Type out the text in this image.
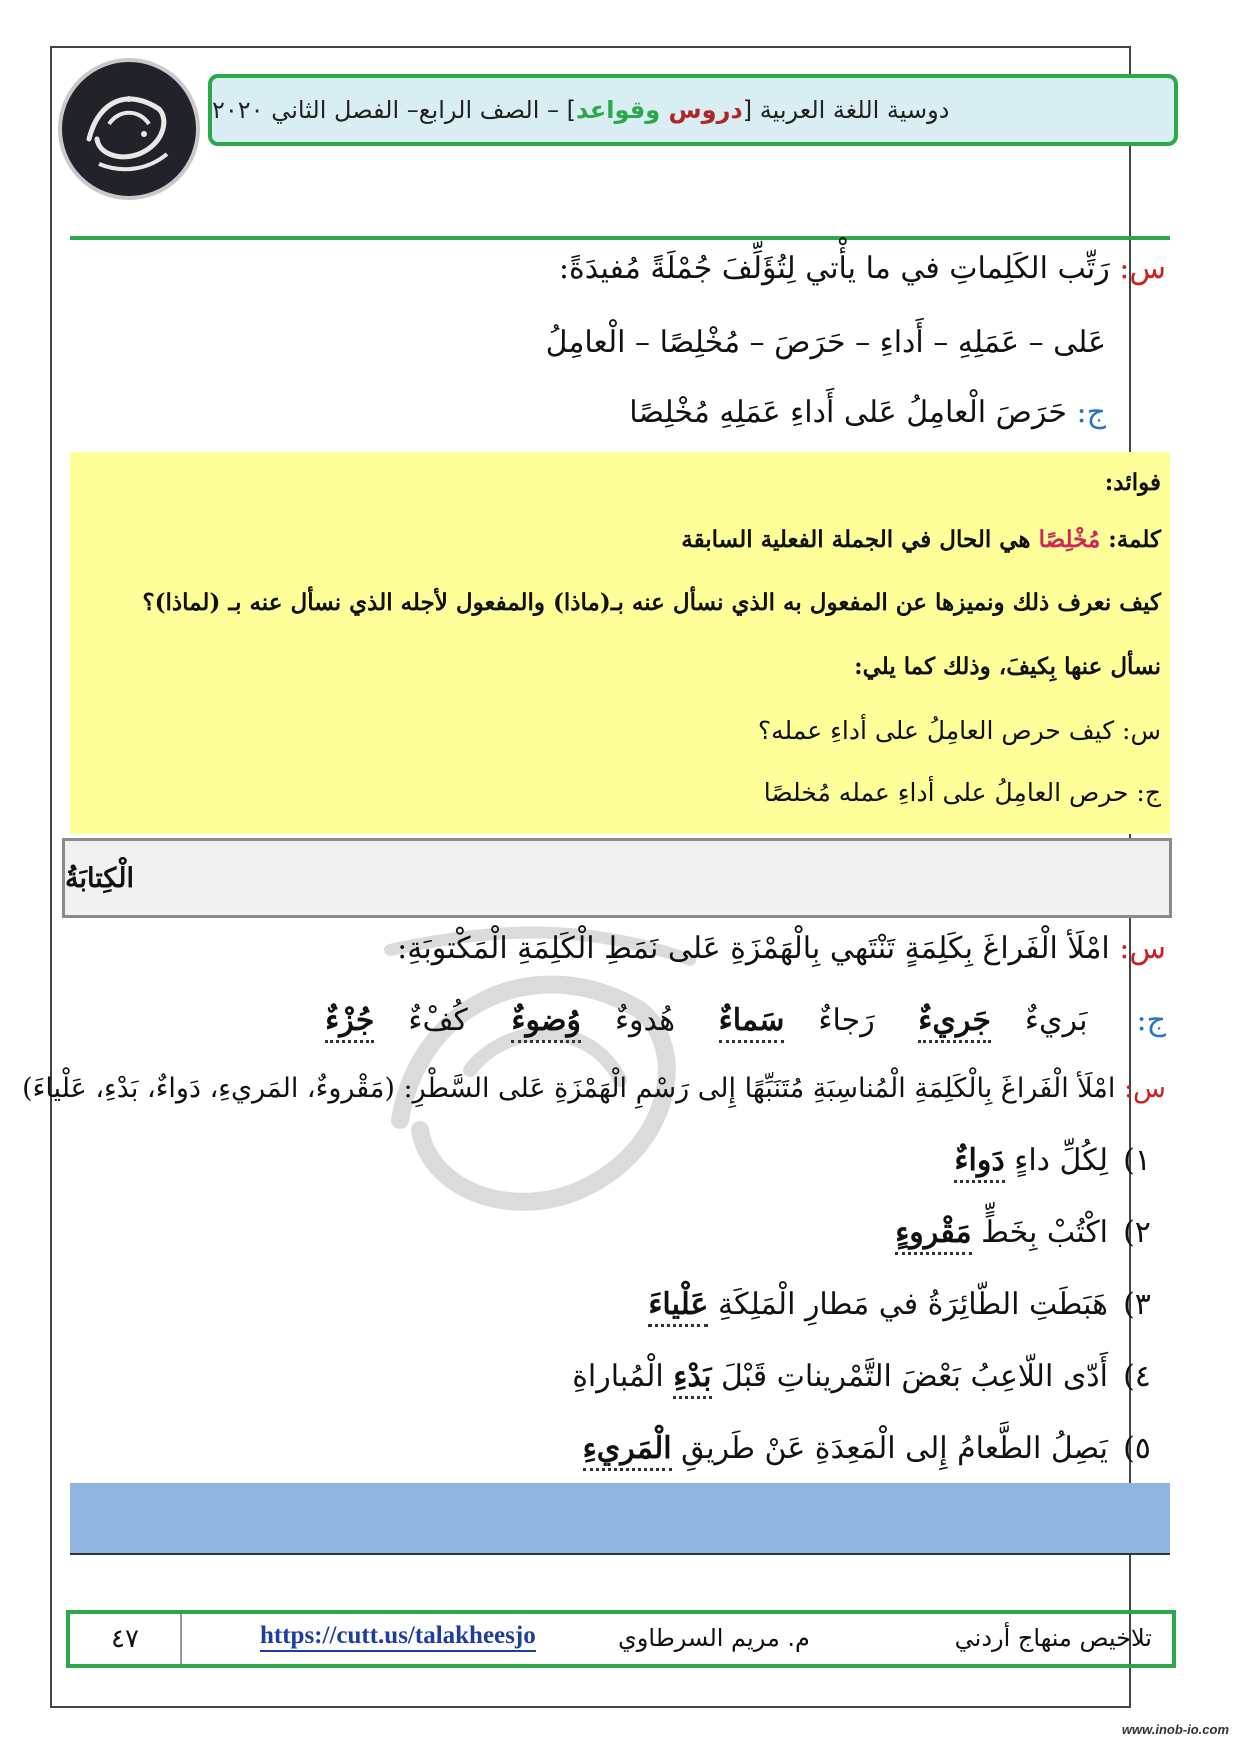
دوسية اللغة العربية [دروس وقواعد] – الصف الرابع– الفصل الثاني ٢٠٢٠
س: رَتِّب الكَلِماتِ في ما يأْتي لِتُؤَلِّفَ جُمْلَةً مُفيدَةً:
عَلى – عَمَلِهِ – أَداءِ – حَرَصَ – مُخْلِصًا – الْعامِلُ
ج: حَرَصَ الْعامِلُ عَلى أَداءِ عَمَلِهِ مُخْلِصًا
فوائد:
كلمة: مُخْلِصًا هي الحال في الجملة الفعلية السابقة
كيف نعرف ذلك ونميزها عن المفعول به الذي نسأل عنه بـ(ماذا) والمفعول لأجله الذي نسأل عنه بـ (لماذا)؟
نسأل عنها بِكيفَ، وذلك كما يلي:
س: كيف حرص العامِلُ على أداءِ عمله؟
ج: حرص العامِلُ على أداءِ عمله مُخلصًا
الْكِتابَةُ
س: امْلَأ الْفَراغَ بِكَلِمَةٍ تَنْتَهي بِالْهَمْزَةِ عَلى نَمَطِ الْكَلِمَةِ الْمَكْتوبَةِ:
ج:  بَريءٌجَريءٌ رَجاءٌسَماءٌ هُدوءٌوُضوءٌ كُفْءٌجُزْءٌ
س: امْلَأ الْفَراغَ بِالْكَلِمَةِ الْمُناسِبَةِ مُتَنَبِّهًا إِلى رَسْمِ الْهَمْزَةِ عَلى السَّطْرِ: (مَقْروءٌ، المَريءِ، دَواءٌ، بَدْءِ، عَلْياءَ)
١)لِكُلِّ داءٍ دَواءٌ
٢)اكْتُبْ بِخَطٍّ مَقْروءٍ
٣)هَبَطَتِ الطّائِرَةُ في مَطارِ الْمَلِكَةِ عَلْياءَ
٤)أَدّى اللّاعِبُ بَعْضَ التَّمْريناتِ قَبْلَ بَدْءِ الْمُباراةِ
٥)يَصِلُ الطَّعامُ إِلى الْمَعِدَةِ عَنْ طَريقِ الْمَريءِ
٤٧	https://cutt.us/talakheesjo	م. مريم السرطاوي	تلاخيص منهاج أردني
www.inob-io.com
